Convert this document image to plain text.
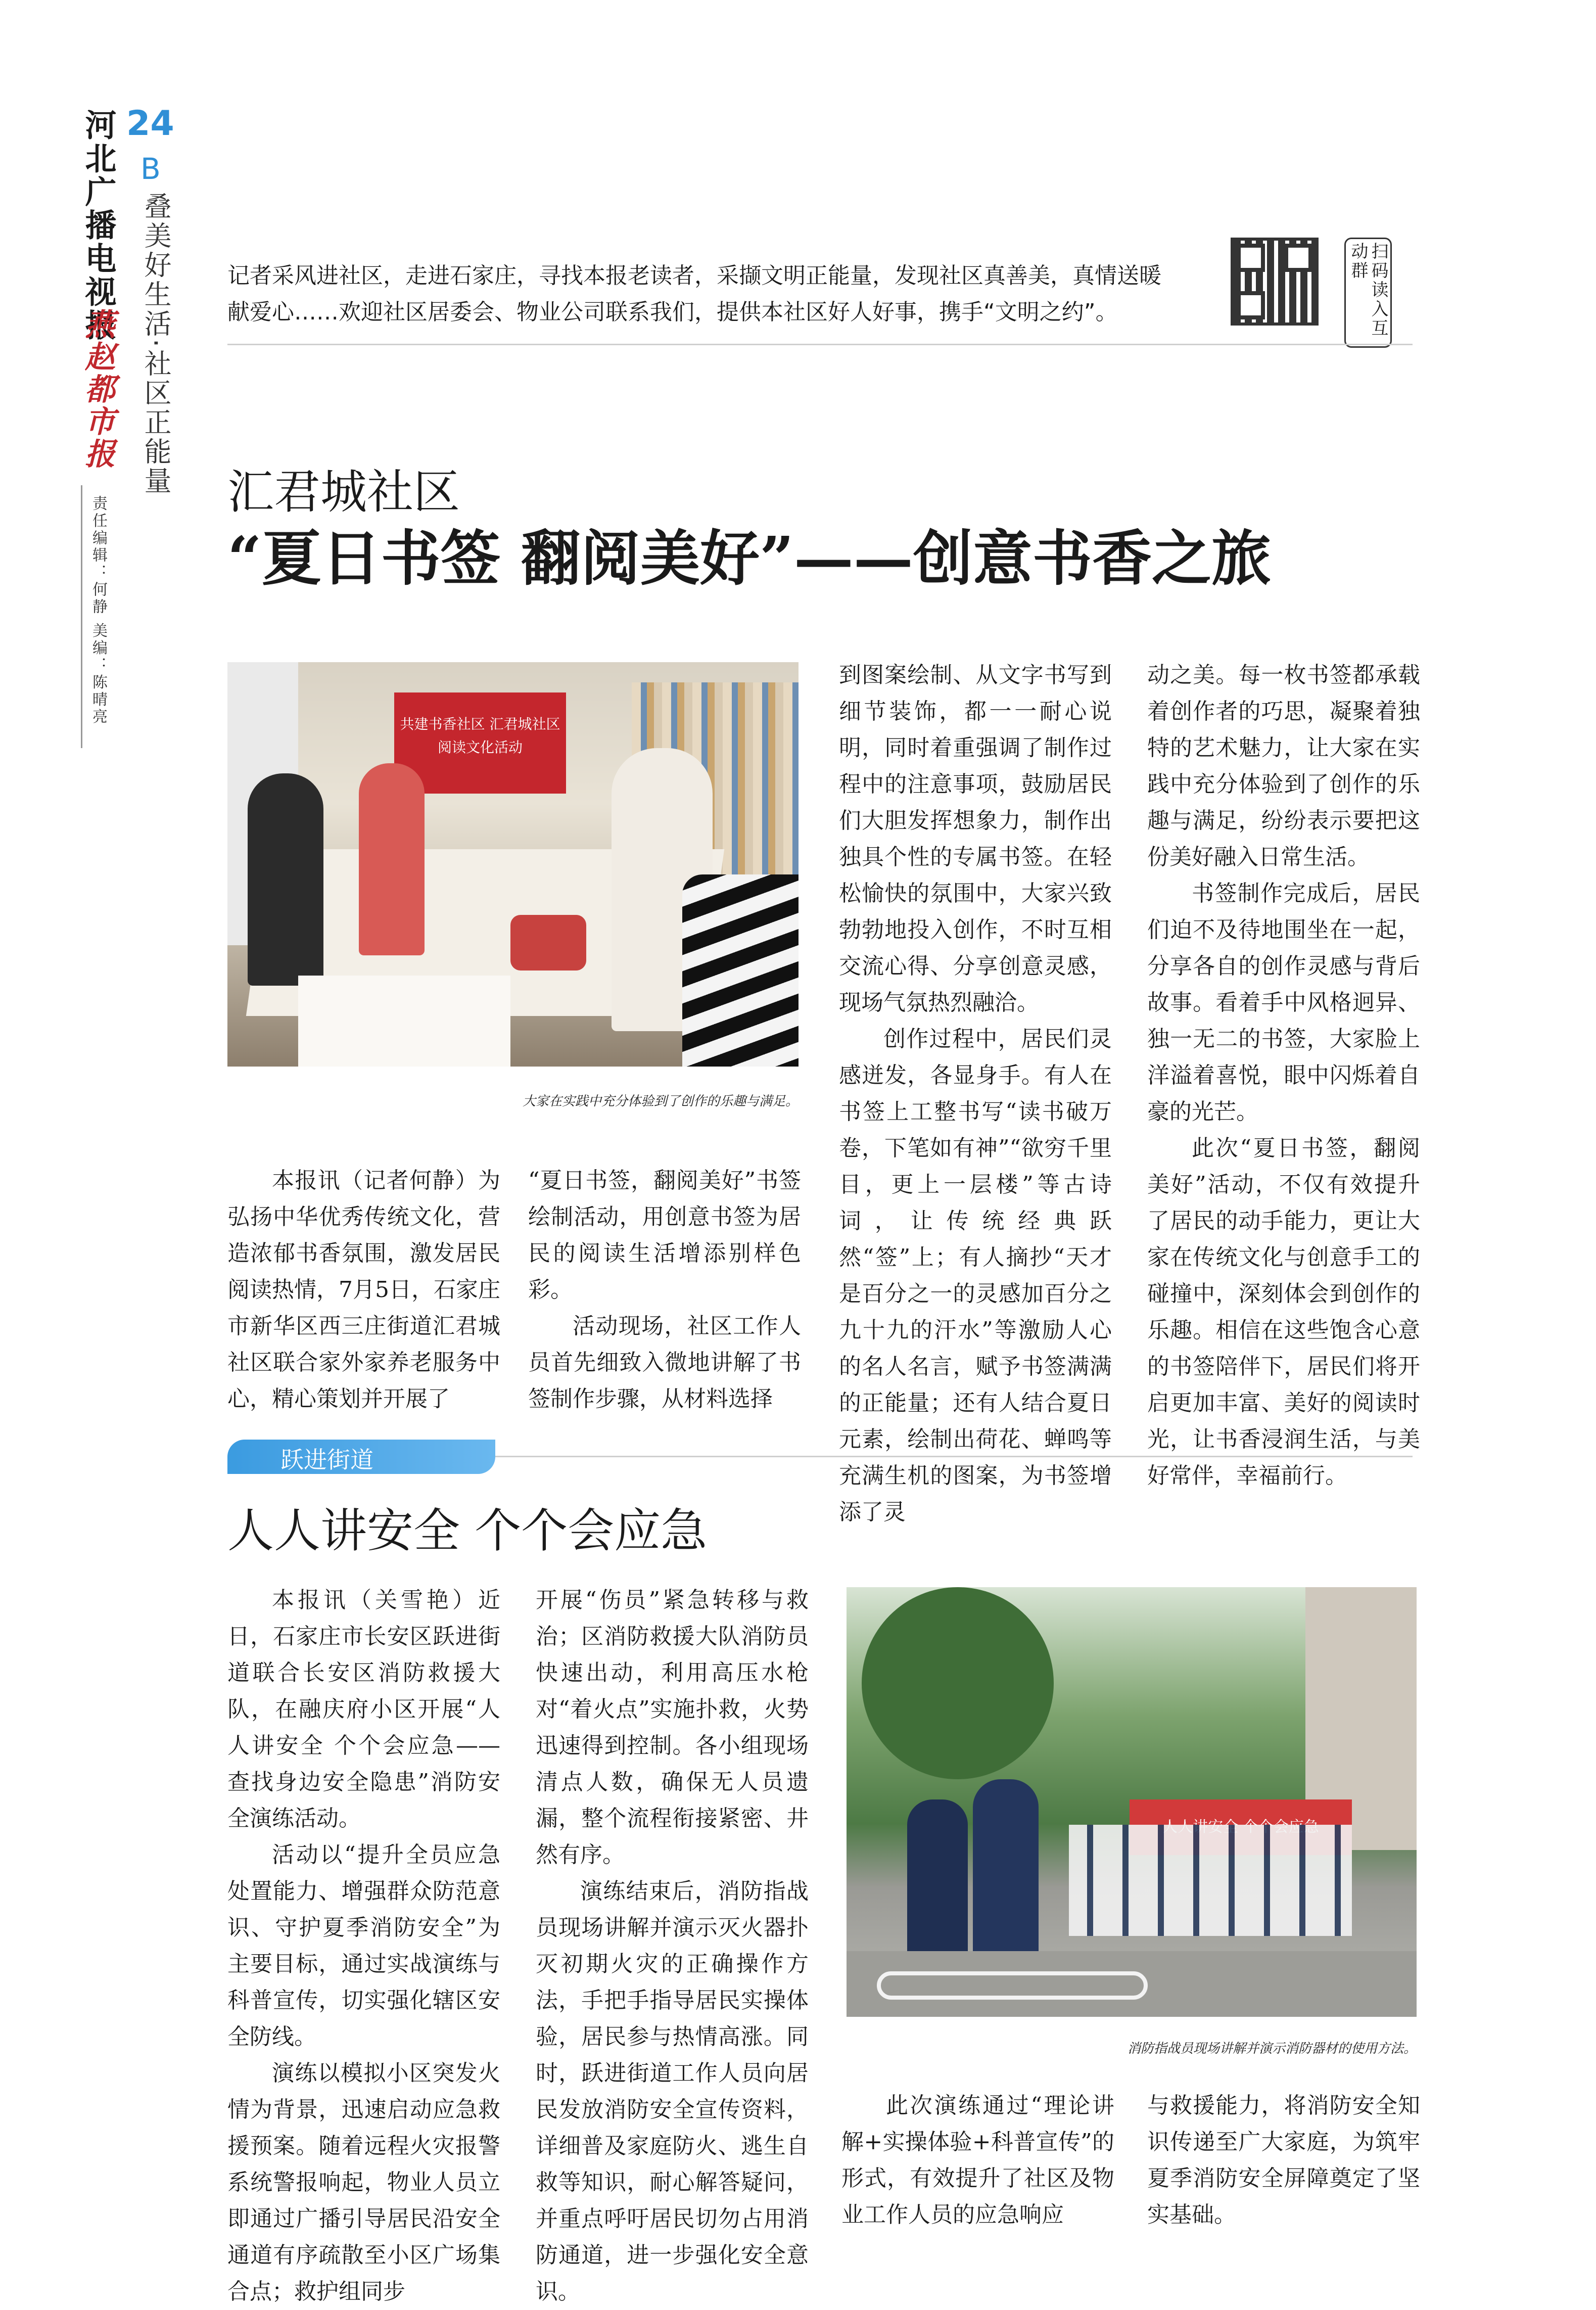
河北广播电视报
燕赵都市报
24
B
叠美好生活·社区正能量
责任编辑：何静 美编：陈晴亮
记者采风进社区，走进石家庄，寻找本报老读者，采撷文明正能量，发现社区真善美，真情送暖献爱心……欢迎社区居委会、物业公司联系我们，提供本社区好人好事，携手“文明之约”。	扫码读入互动群
汇君城社区
“夏日书签 翻阅美好”——创意书香之旅
共建书香社区 汇君城社区阅读文化活动
大家在实践中充分体验到了创作的乐趣与满足。

本报讯（记者何静）为弘扬中华优秀传统文化，营造浓郁书香氛围，激发居民阅读热情，7月5日，石家庄市新华区西三庄街道汇君城社区联合家外家养老服务中心，精心策划并开展了

“夏日书签，翻阅美好”书签绘制活动，用创意书签为居民的阅读生活增添别样色彩。

活动现场，社区工作人员首先细致入微地讲解了书签制作步骤，从材料选择

到图案绘制、从文字书写到细节装饰，都一一耐心说明，同时着重强调了制作过程中的注意事项，鼓励居民们大胆发挥想象力，制作出独具个性的专属书签。在轻松愉快的氛围中，大家兴致勃勃地投入创作，不时互相交流心得、分享创意灵感，现场气氛热烈融洽。

创作过程中，居民们灵感迸发，各显身手。有人在书签上工整书写“读书破万卷，下笔如有神”“欲穷千里目，更上一层楼”等古诗词，让传统经典跃然“签”上；有人摘抄“天才是百分之一的灵感加百分之九十九的汗水”等激励人心的名人名言，赋予书签满满的正能量；还有人结合夏日元素，绘制出荷花、蝉鸣等充满生机的图案，为书签增添了灵

动之美。每一枚书签都承载着创作者的巧思，凝聚着独特的艺术魅力，让大家在实践中充分体验到了创作的乐趣与满足，纷纷表示要把这份美好融入日常生活。

书签制作完成后，居民们迫不及待地围坐在一起，分享各自的创作灵感与背后故事。看着手中风格迥异、独一无二的书签，大家脸上洋溢着喜悦，眼中闪烁着自豪的光芒。

此次“夏日书签，翻阅美好”活动，不仅有效提升了居民的动手能力，更让大家在传统文化与创意手工的碰撞中，深刻体会到创作的乐趣。相信在这些饱含心意的书签陪伴下，居民们将开启更加丰富、美好的阅读时光，让书香浸润生活，与美好常伴，幸福前行。

跃进街道
人人讲安全 个个会应急
消防指战员现场讲解并演示消防器材的使用方法。

本报讯（关雪艳）近日，石家庄市长安区跃进街道联合长安区消防救援大队，在融庆府小区开展“人人讲安全 个个会应急——查找身边安全隐患”消防安全演练活动。

活动以“提升全员应急处置能力、增强群众防范意识、守护夏季消防安全”为主要目标，通过实战演练与科普宣传，切实强化辖区安全防线。

演练以模拟小区突发火情为背景，迅速启动应急救援预案。随着远程火灾报警系统警报响起，物业人员立即通过广播引导居民沿安全通道有序疏散至小区广场集合点；救护组同步

开展“伤员”紧急转移与救治；区消防救援大队消防员快速出动，利用高压水枪对“着火点”实施扑救，火势迅速得到控制。各小组现场清点人数，确保无人员遗漏，整个流程衔接紧密、井然有序。

演练结束后，消防指战员现场讲解并演示灭火器扑灭初期火灾的正确操作方法，手把手指导居民实操体验，居民参与热情高涨。同时，跃进街道工作人员向居民发放消防安全宣传资料，详细普及家庭防火、逃生自救等知识，耐心解答疑问，并重点呼吁居民切勿占用消防通道，进一步强化安全意识。

此次演练通过“理论讲解+实操体验+科普宣传”的形式，有效提升了社区及物业工作人员的应急响应

与救援能力，将消防安全知识传递至广大家庭，为筑牢夏季消防安全屏障奠定了坚实基础。
